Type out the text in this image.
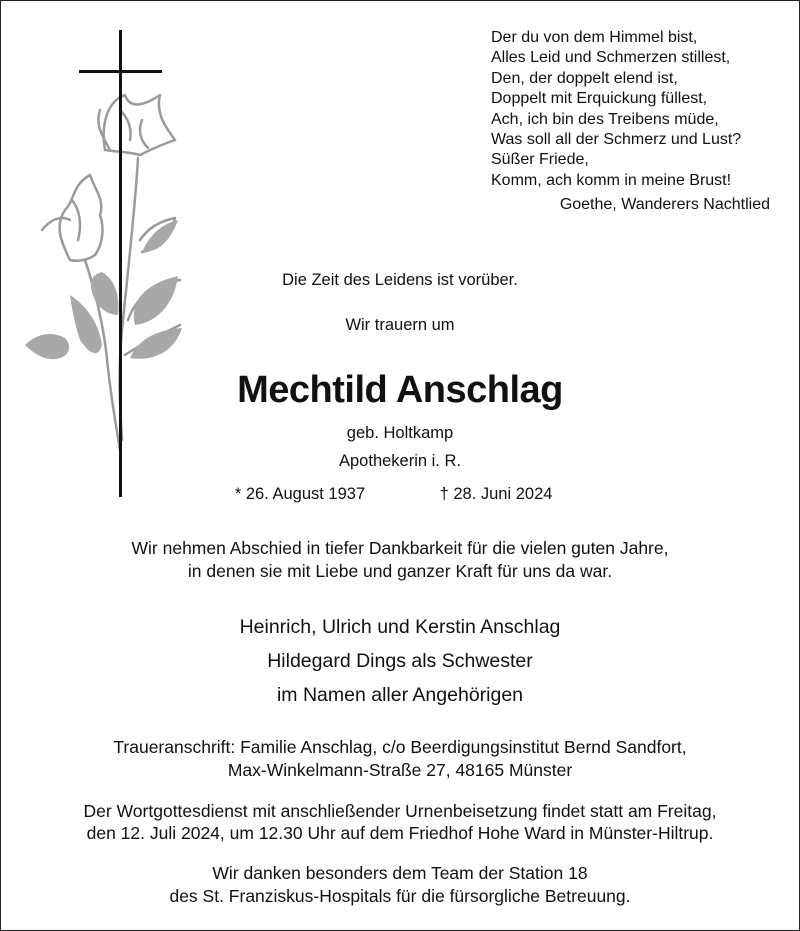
Der du von dem Himmel bist,
Alles Leid und Schmerzen stillest,
Den, der doppelt elend ist,
Doppelt mit Erquickung füllest,
Ach, ich bin des Treibens müde,
Was soll all der Schmerz und Lust?
Süßer Friede,
Komm, ach komm in meine Brust!
Goethe, Wanderers Nachtlied
Die Zeit des Leidens ist vorüber.
Wir trauern um
Mechtild Anschlag
geb. Holtkamp
Apothekerin i. R.
* 26. August 1937	† 28. Juni 2024
Wir nehmen Abschied in tiefer Dankbarkeit für die vielen guten Jahre,
in denen sie mit Liebe und ganzer Kraft für uns da war.
Heinrich, Ulrich und Kerstin Anschlag
Hildegard Dings als Schwester
im Namen aller Angehörigen
Traueranschrift: Familie Anschlag, c/o Beerdigungsinstitut Bernd Sandfort,
Max-Winkelmann-Straße 27, 48165 Münster
Der Wortgottesdienst mit anschließender Urnenbeisetzung findet statt am Freitag,
den 12. Juli 2024, um 12.30 Uhr auf dem Friedhof Hohe Ward in Münster-Hiltrup.
Wir danken besonders dem Team der Station 18
des St. Franziskus-Hospitals für die fürsorgliche Betreuung.
